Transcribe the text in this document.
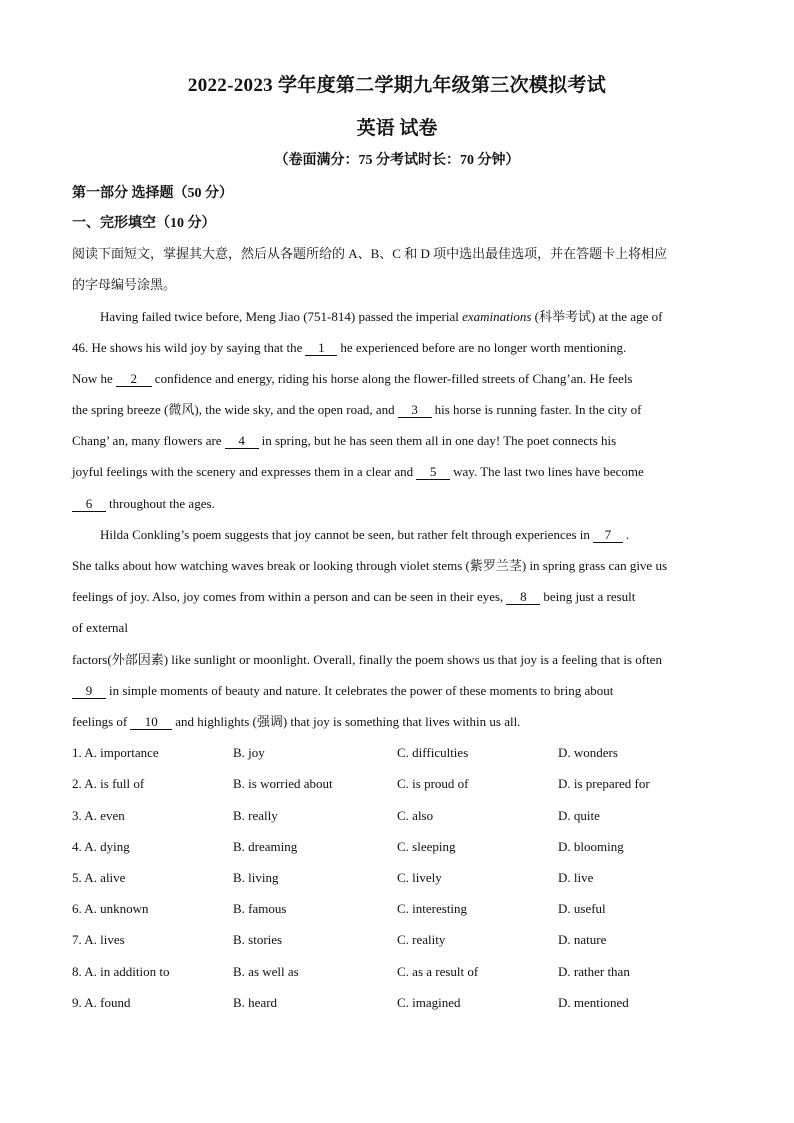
2022-2023 学年度第二学期九年级第三次模拟考试
英语 试卷
（卷面满分：75 分考试时长：70 分钟）
第一部分 选择题（50 分）
一、完形填空（10 分）
阅读下面短文，掌握其大意，然后从各题所给的 A、B、C 和 D 项中选出最佳选项，并在答题卡上将相应
的字母编号涂黑。
Having failed twice before, Meng Jiao (751-814) passed the imperial examinations (科举考试) at the age of
46. He shows his wild joy by saying that the 1 he experienced before are no longer worth mentioning.
Now he 2 confidence and energy, riding his horse along the flower-filled streets of Chang’an. He feels
the spring breeze (微风), the wide sky, and the open road, and 3 his horse is running faster. In the city of
Chang’ an, many flowers are 4 in spring, but he has seen them all in one day! The poet connects his
joyful feelings with the scenery and expresses them in a clear and 5 way. The last two lines have become
6 throughout the ages.
Hilda Conkling’s poem suggests that joy cannot be seen, but rather felt through experiences in 7 .
She talks about how watching waves break or looking through violet stems (紫罗兰茎) in spring grass can give us
feelings of joy. Also, joy comes from within a person and can be seen in their eyes, 8 being just a result
of external
factors(外部因素) like sunlight or moonlight. Overall, finally the poem shows us that joy is a feeling that is often
9 in simple moments of beauty and nature. It celebrates the power of these moments to bring about
feelings of 10 and highlights (强调) that joy is something that lives within us all.
1. A. importance	B. joy	C. difficulties	D. wonders
2. A. is full of	B. is worried about	C. is proud of	D. is prepared for
3. A. even	B. really	C. also	D. quite
4. A. dying	B. dreaming	C. sleeping	D. blooming
5. A. alive	B. living	C. lively	D. live
6. A. unknown	B. famous	C. interesting	D. useful
7. A. lives	B. stories	C. reality	D. nature
8. A. in addition to	B. as well as	C. as a result of	D. rather than
9. A. found	B. heard	C. imagined	D. mentioned
